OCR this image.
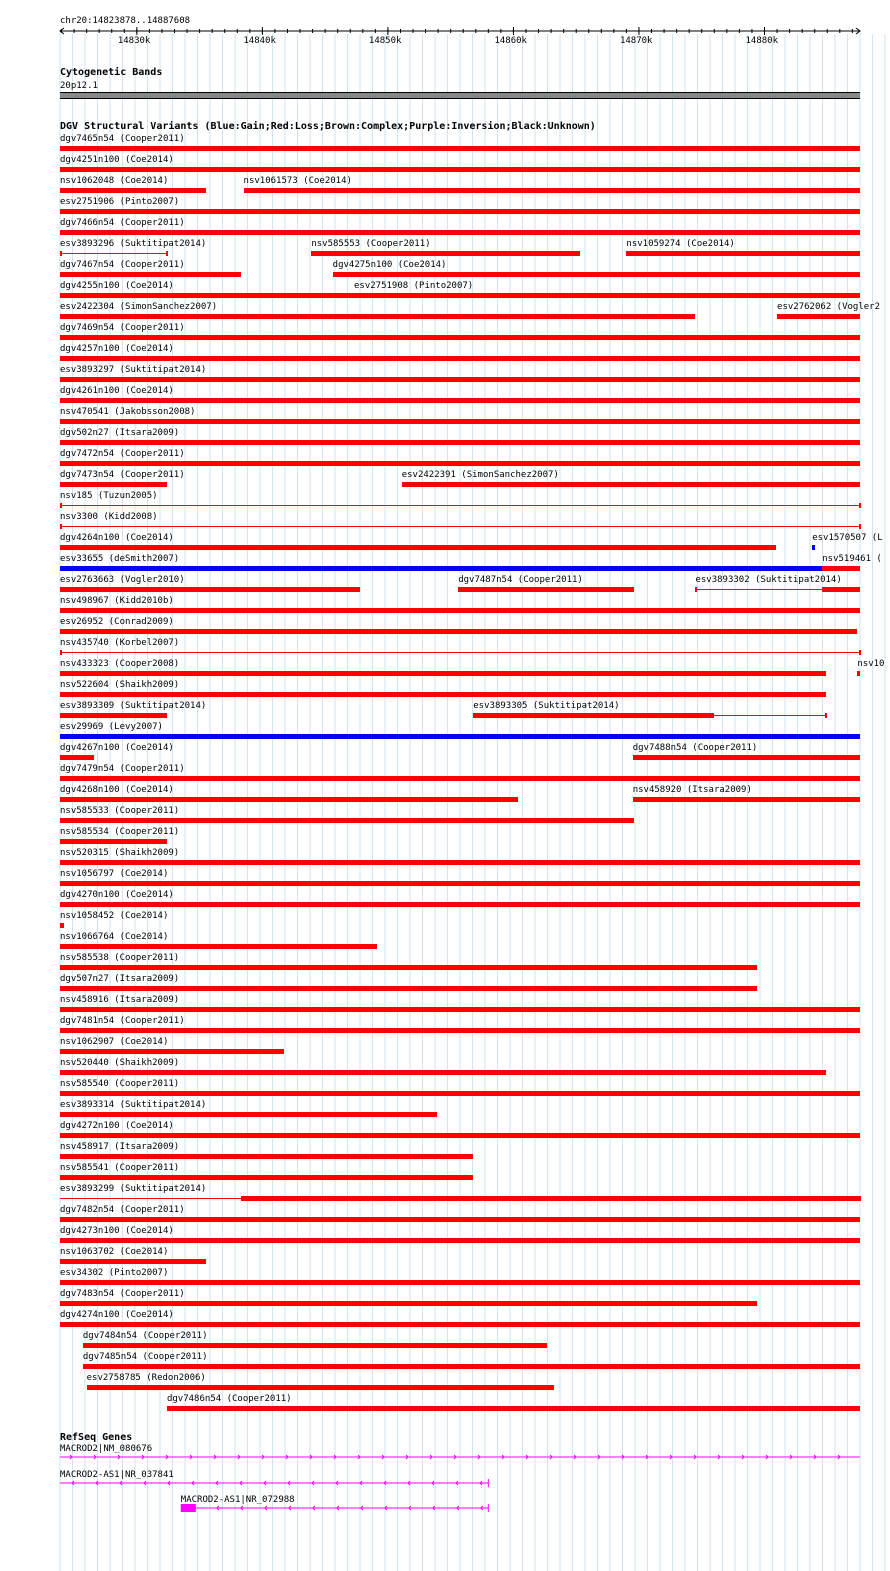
chr20:14823878..14887608
14830k	14840k	14850k	14860k	14870k	14880k
Cytogenetic Bands
20p12.1
DGV Structural Variants (Blue:Gain;Red:Loss;Brown:Complex;Purple:Inversion;Black:Unknown)
dgv7465n54 (Cooper2011)
dgv4251n100 (Coe2014)
nsv1062048 (Coe2014)	nsv1061573 (Coe2014)
esv2751906 (Pinto2007)
dgv7466n54 (Cooper2011)
esv3893296 (Suktitipat2014)	nsv585553 (Cooper2011)	nsv1059274 (Coe2014)
dgv7467n54 (Cooper2011)	dgv4275n100 (Coe2014)
dgv4255n100 (Coe2014)	esv2751908 (Pinto2007)
esv2422304 (SimonSanchez2007)	esv2762062 (Vogler2
dgv7469n54 (Cooper2011)
dgv4257n100 (Coe2014)
esv3893297 (Suktitipat2014)
dgv4261n100 (Coe2014)
nsv470541 (Jakobsson2008)
dgv502n27 (Itsara2009)
dgv7472n54 (Cooper2011)
dgv7473n54 (Cooper2011)	esv2422391 (SimonSanchez2007)
nsv185 (Tuzun2005)
nsv3300 (Kidd2008)
dgv4264n100 (Coe2014)	esv1570507 (L
esv33655 (deSmith2007)	nsv519461 (
esv2763663 (Vogler2010)	dgv7487n54 (Cooper2011)	esv3893302 (Suktitipat2014)
nsv498967 (Kidd2010b)
esv26952 (Conrad2009)
nsv435740 (Korbel2007)
nsv433323 (Cooper2008)	nsv10
nsv522604 (Shaikh2009)
esv3893309 (Suktitipat2014)	esv3893305 (Suktitipat2014)
esv29969 (Levy2007)
dgv4267n100 (Coe2014)	dgv7488n54 (Cooper2011)
dgv7479n54 (Cooper2011)
dgv4268n100 (Coe2014)	nsv458920 (Itsara2009)
nsv585533 (Cooper2011)
nsv585534 (Cooper2011)
nsv520315 (Shaikh2009)
nsv1056797 (Coe2014)
dgv4270n100 (Coe2014)
nsv1058452 (Coe2014)
nsv1066764 (Coe2014)
nsv585538 (Cooper2011)
dgv507n27 (Itsara2009)
nsv458916 (Itsara2009)
dgv7481n54 (Cooper2011)
nsv1062907 (Coe2014)
nsv520440 (Shaikh2009)
nsv585540 (Cooper2011)
esv3893314 (Suktitipat2014)
dgv4272n100 (Coe2014)
nsv458917 (Itsara2009)
nsv585541 (Cooper2011)
esv3893299 (Suktitipat2014)
dgv7482n54 (Cooper2011)
dgv4273n100 (Coe2014)
nsv1063702 (Coe2014)
esv34302 (Pinto2007)
dgv7483n54 (Cooper2011)
dgv4274n100 (Coe2014)
dgv7484n54 (Cooper2011)
dgv7485n54 (Cooper2011)
esv2758785 (Redon2006)
dgv7486n54 (Cooper2011)
RefSeq Genes
MACROD2|NM_080676
MACROD2-AS1|NR_037841
MACROD2-AS1|NR_072988
